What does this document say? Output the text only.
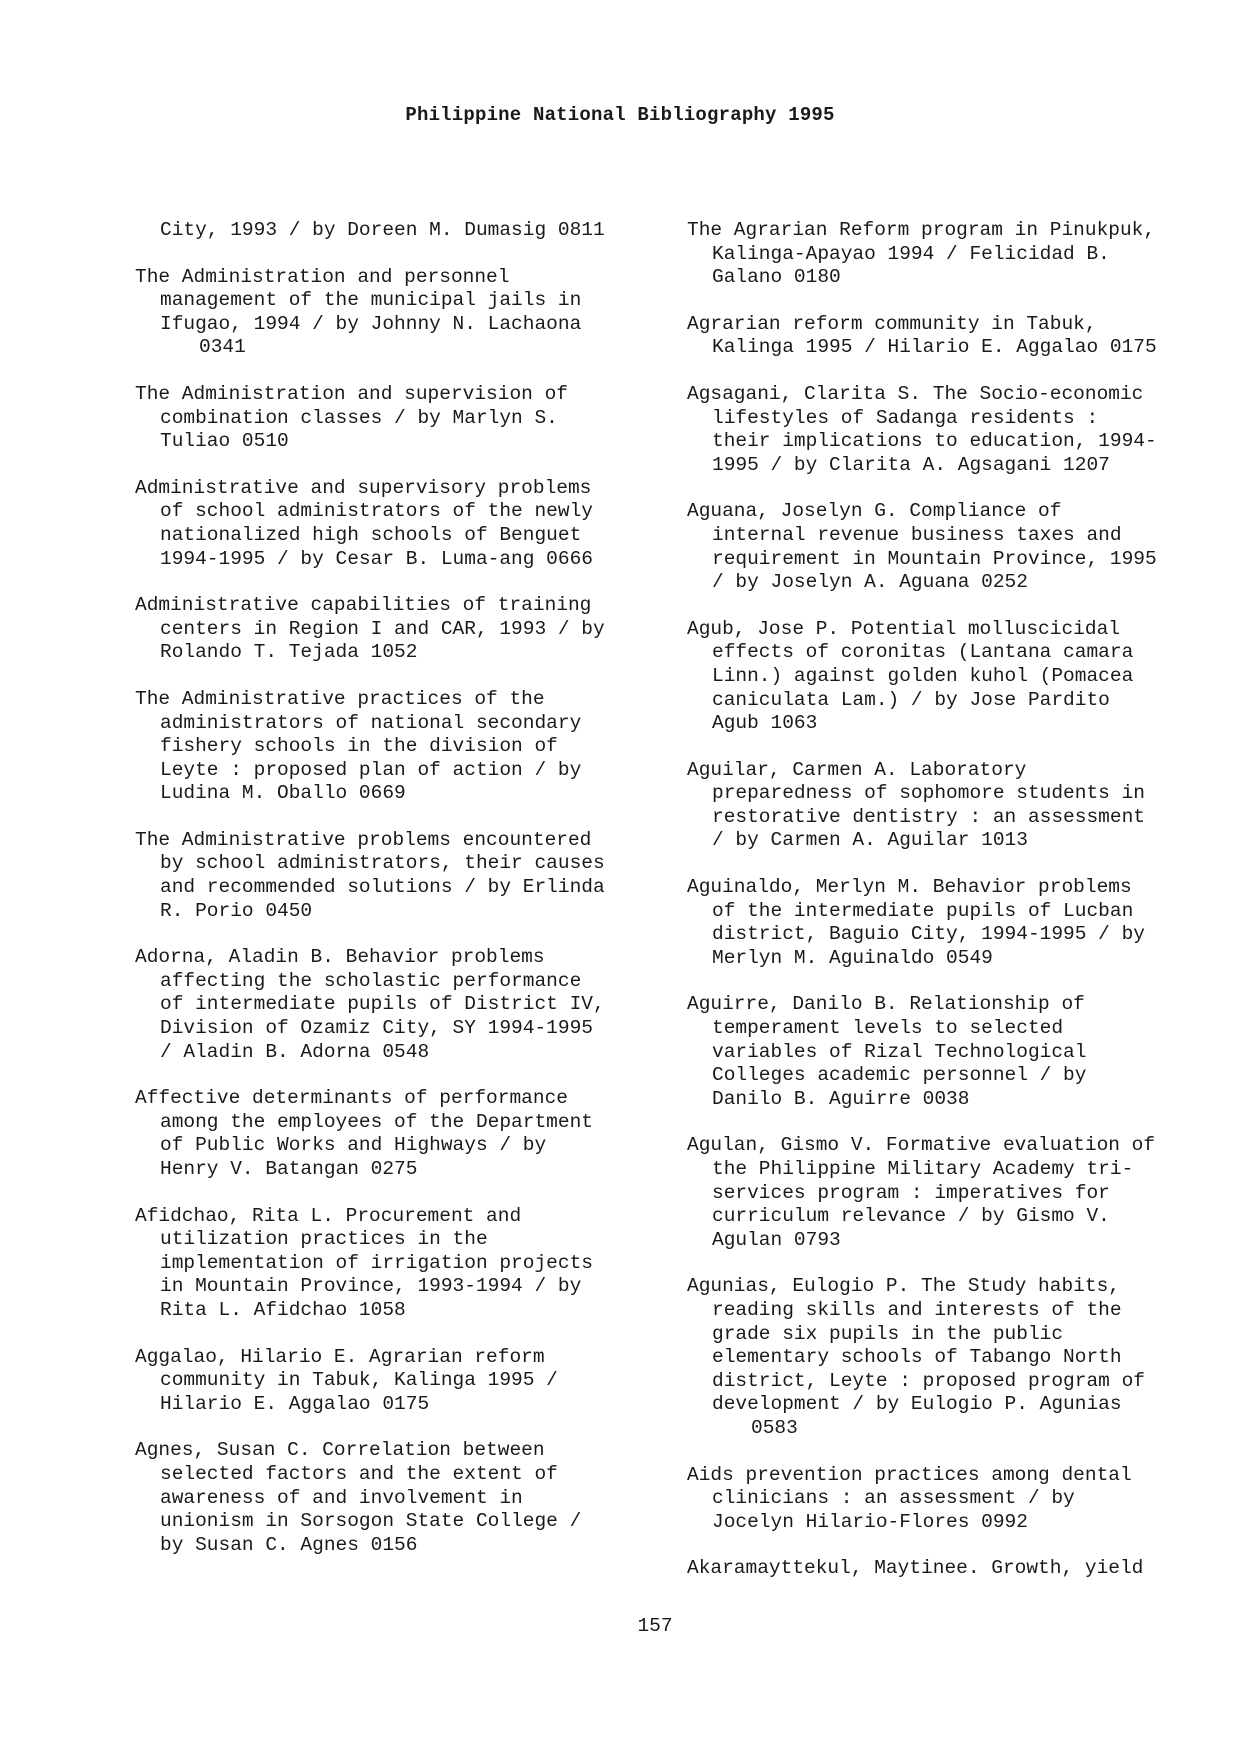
Philippine National Bibliography 1995
City, 1993 / by Doreen M. Dumasig 0811
The Administration and personnel
management of the municipal jails in
Ifugao, 1994 / by Johnny N. Lachaona
0341
The Administration and supervision of
combination classes / by Marlyn S.
Tuliao 0510
Administrative and supervisory problems
of school administrators of the newly
nationalized high schools of Benguet
1994-1995 / by Cesar B. Luma-ang 0666
Administrative capabilities of training
centers in Region I and CAR, 1993 / by
Rolando T. Tejada 1052
The Administrative practices of the
administrators of national secondary
fishery schools in the division of
Leyte : proposed plan of action / by
Ludina M. Oballo 0669
The Administrative problems encountered
by school administrators, their causes
and recommended solutions / by Erlinda
R. Porio 0450
Adorna, Aladin B. Behavior problems
affecting the scholastic performance
of intermediate pupils of District IV,
Division of Ozamiz City, SY 1994-1995
/ Aladin B. Adorna 0548
Affective determinants of performance
among the employees of the Department
of Public Works and Highways / by
Henry V. Batangan 0275
Afidchao, Rita L. Procurement and
utilization practices in the
implementation of irrigation projects
in Mountain Province, 1993-1994 / by
Rita L. Afidchao 1058
Aggalao, Hilario E. Agrarian reform
community in Tabuk, Kalinga 1995 /
Hilario E. Aggalao 0175
Agnes, Susan C. Correlation between
selected factors and the extent of
awareness of and involvement in
unionism in Sorsogon State College /
by Susan C. Agnes 0156
The Agrarian Reform program in Pinukpuk,
Kalinga-Apayao 1994 / Felicidad B.
Galano 0180
Agrarian reform community in Tabuk,
Kalinga 1995 / Hilario E. Aggalao 0175
Agsagani, Clarita S. The Socio-economic
lifestyles of Sadanga residents :
their implications to education, 1994-
1995 / by Clarita A. Agsagani 1207
Aguana, Joselyn G. Compliance of
internal revenue business taxes and
requirement in Mountain Province, 1995
/ by Joselyn A. Aguana 0252
Agub, Jose P. Potential molluscicidal
effects of coronitas (Lantana camara
Linn.) against golden kuhol (Pomacea
caniculata Lam.) / by Jose Pardito
Agub 1063
Aguilar, Carmen A. Laboratory
preparedness of sophomore students in
restorative dentistry : an assessment
/ by Carmen A. Aguilar 1013
Aguinaldo, Merlyn M. Behavior problems
of the intermediate pupils of Lucban
district, Baguio City, 1994-1995 / by
Merlyn M. Aguinaldo 0549
Aguirre, Danilo B. Relationship of
temperament levels to selected
variables of Rizal Technological
Colleges academic personnel / by
Danilo B. Aguirre 0038
Agulan, Gismo V. Formative evaluation of
the Philippine Military Academy tri-
services program : imperatives for
curriculum relevance / by Gismo V.
Agulan 0793
Agunias, Eulogio P. The Study habits,
reading skills and interests of the
grade six pupils in the public
elementary schools of Tabango North
district, Leyte : proposed program of
development / by Eulogio P. Agunias
0583
Aids prevention practices among dental
clinicians : an assessment / by
Jocelyn Hilario-Flores 0992
Akaramayttekul, Maytinee. Growth, yield
157
